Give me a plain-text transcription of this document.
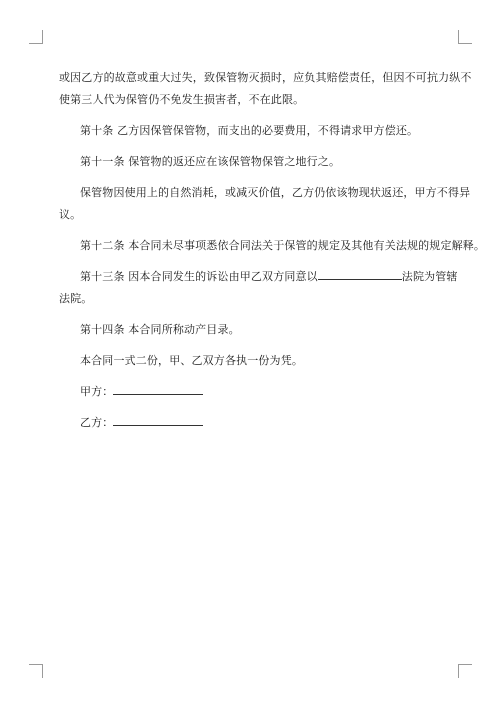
或因乙方的故意或重大过失，致保管物灭损时，应负其赔偿责任，但因不可抗力纵不
使第三人代为保管仍不免发生损害者，不在此限。
第十条 乙方因保管保管物，而支出的必要费用，不得请求甲方偿还。
第十一条 保管物的返还应在该保管物保管之地行之。
保管物因使用上的自然消耗，或减灭价值，乙方仍依该物现状返还，甲方不得异
议。
第十二条 本合同未尽事项悉依合同法关于保管的规定及其他有关法规的规定解释。
第十三条 因本合同发生的诉讼由甲乙双方同意以	法院为管辖
法院。
第十四条 本合同所称动产目录。
本合同一式二份，甲、乙双方各执一份为凭。
甲方：
乙方：
